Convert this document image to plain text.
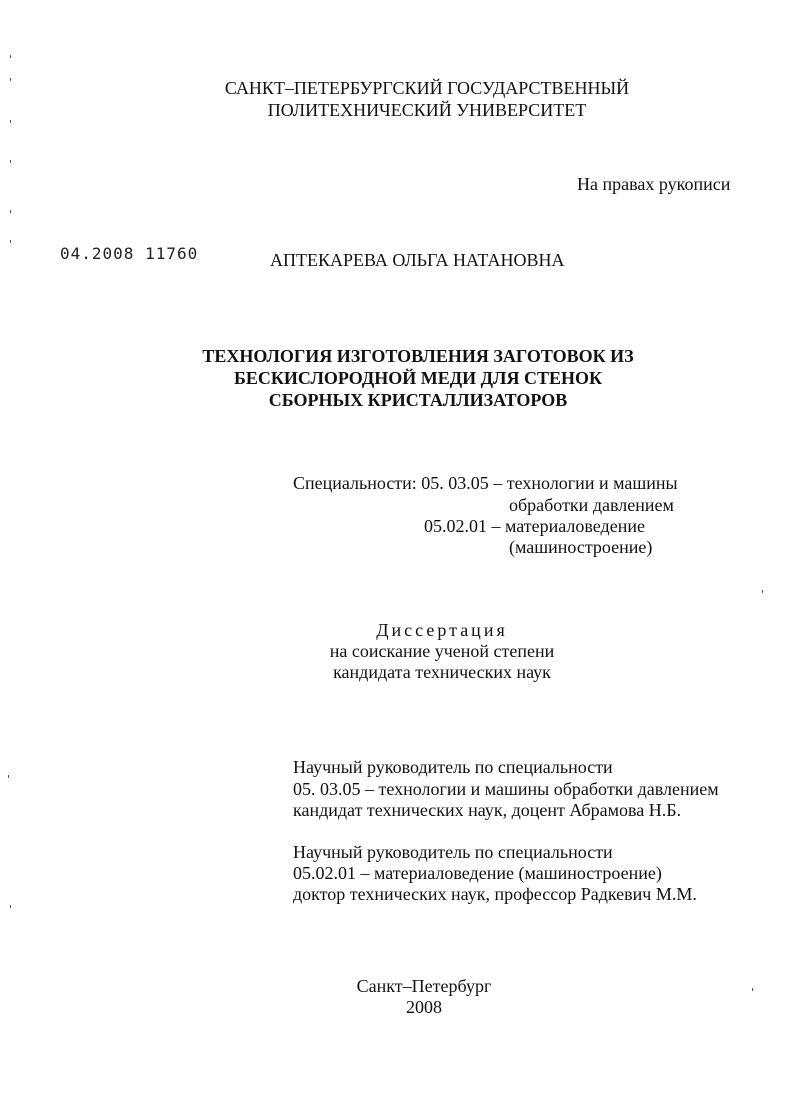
САНКТ–ПЕТЕРБУРГСКИЙ ГОСУДАРСТВЕННЫЙ
ПОЛИТЕХНИЧЕСКИЙ УНИВЕРСИТЕТ
На правах рукописи
04.2008 11760	АПТЕКАРЕВА ОЛЬГА НАТАНОВНА
ТЕХНОЛОГИЯ ИЗГОТОВЛЕНИЯ ЗАГОТОВОК ИЗ
БЕСКИСЛОРОДНОЙ МЕДИ ДЛЯ СТЕНОК
СБОРНЫХ КРИСТАЛЛИЗАТОРОВ
Специальности: 05. 03.05 – технологии и машины
обработки давлением
05.02.01 – материаловедение
(машиностроение)
Диссертация
на соискание ученой степени
кандидата технических наук
Научный руководитель по специальности
05. 03.05 – технологии и машины обработки давлением
кандидат технических наук, доцент Абрамова Н.Б.
Научный руководитель по специальности
05.02.01 – материаловедение (машиностроение)
доктор технических наук, профессор Радкевич М.М.
Санкт–Петербург
2008
